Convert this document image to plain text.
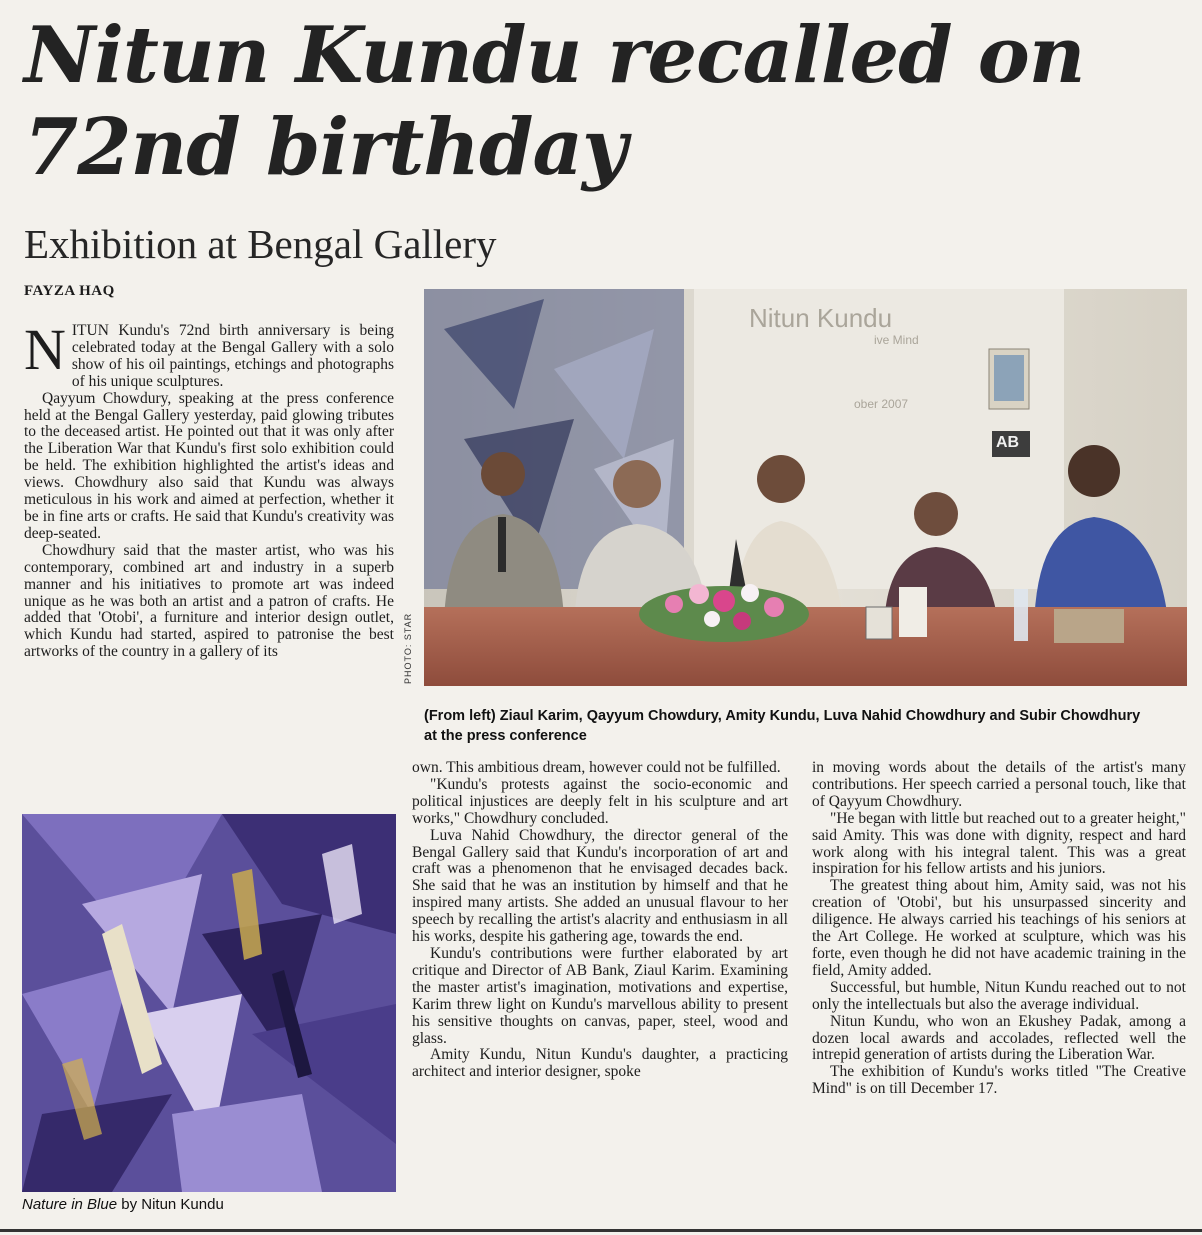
Nitun Kundu recalled on
72nd birthday
Exhibition at Bengal Gallery
FAYZA HAQ

NITUN Kundu's 72nd birth anniversary is being celebrated today at the Bengal Gallery with a solo show of his oil paintings, etchings and photographs of his unique sculptures.

Qayyum Chowdury, speaking at the press conference held at the Bengal Gallery yesterday, paid glowing tributes to the deceased artist. He pointed out that it was only after the Liberation War that Kundu's first solo exhibition could be held. The exhibition highlighted the artist's ideas and views. Chowdhury also said that Kundu was always meticulous in his work and aimed at perfection, whether it be in fine arts or crafts. He said that Kundu's creativity was deep-seated.

Chowdhury said that the master artist, who was his contemporary, combined art and industry in a superb manner and his initiatives to promote art was indeed unique as he was both an artist and a patron of crafts. He added that 'Otobi', a furniture and interior design outlet, which Kundu had started, aspired to patronise the best artworks of the country in a gallery of its

Nitun Kundu
ive Mind
ober 2007
AB
PHOTO: STAR
(From left) Ziaul Karim, Qayyum Chowdury, Amity Kundu, Luva Nahid Chowdhury and Subir Chowdhury
at the press conference
Nature in Blue by Nitun Kundu

own. This ambitious dream, however could not be fulfilled.

"Kundu's protests against the socio-economic and political injustices are deeply felt in his sculpture and art works," Chowdhury concluded.

Luva Nahid Chowdhury, the director general of the Bengal Gallery said that Kundu's incorporation of art and craft was a phenomenon that he envisaged decades back. She said that he was an institution by himself and that he inspired many artists. She added an unusual flavour to her speech by recalling the artist's alacrity and enthusiasm in all his works, despite his gathering age, towards the end.

Kundu's contributions were further elaborated by art critique and Director of AB Bank, Ziaul Karim. Examining the master artist's imagination, motivations and expertise, Karim threw light on Kundu's marvellous ability to present his sensitive thoughts on canvas, paper, steel, wood and glass.

Amity Kundu, Nitun Kundu's daughter, a practicing architect and interior designer, spoke

in moving words about the details of the artist's many contributions. Her speech carried a personal touch, like that of Qayyum Chowdhury.

"He began with little but reached out to a greater height," said Amity. This was done with dignity, respect and hard work along with his integral talent. This was a great inspiration for his fellow artists and his juniors.

The greatest thing about him, Amity said, was not his creation of 'Otobi', but his unsurpassed sincerity and diligence. He always carried his teachings of his seniors at the Art College. He worked at sculpture, which was his forte, even though he did not have academic training in the field, Amity added.

Successful, but humble, Nitun Kundu reached out to not only the intellectuals but also the average individual.

Nitun Kundu, who won an Ekushey Padak, among a dozen local awards and accolades, reflected well the intrepid generation of artists during the Liberation War.

The exhibition of Kundu's works titled "The Creative Mind" is on till December 17.
